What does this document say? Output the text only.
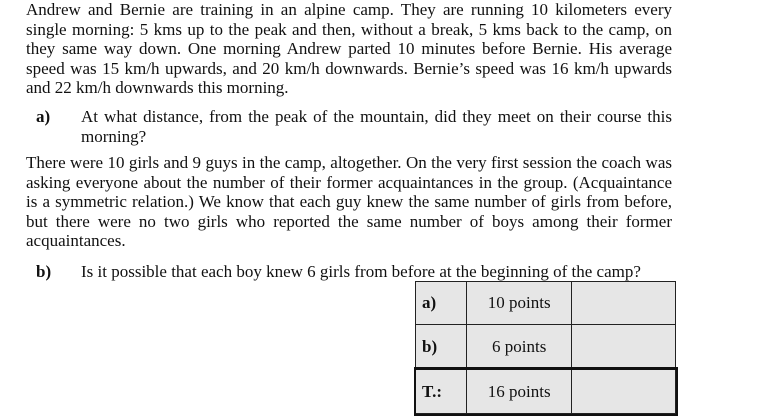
Andrew and Bernie are training in an alpine camp. They are running 10 kilometers every single morning: 5 kms up to the peak and then, without a break, 5 kms back to the camp, on they same way down. One morning Andrew parted 10 minutes before Bernie. His average speed was 15 km/h upwards, and 20 km/h downwards. Bernie’s speed was 16 km/h upwards and 22 km/h downwards this morning.

a) At what distance, from the peak of the mountain, did they meet on their course this morning?

There were 10 girls and 9 guys in the camp, altogether. On the very first session the coach was asking everyone about the number of their former acquaintances in the group. (Acquaintance is a symmetric relation.) We know that each guy knew the same number of girls from before, but there were no two girls who reported the same number of boys among their former acquaintances.

b) Is it possible that each boy knew 6 girls from before at the beginning of the camp?
a)	10 points	
b)	6 points	
T.:	16 points	
